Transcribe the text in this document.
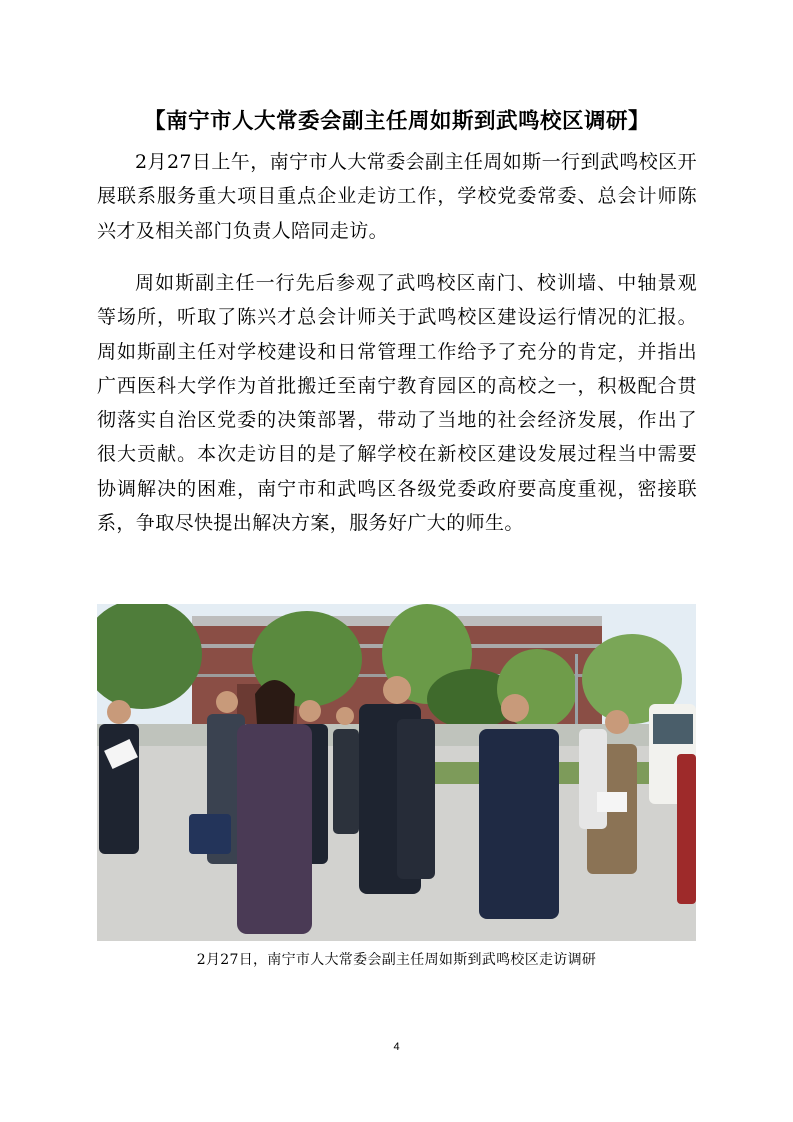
【南宁市人大常委会副主任周如斯到武鸣校区调研】
2月27日上午，南宁市人大常委会副主任周如斯一行到武鸣校区开展联系服务重大项目重点企业走访工作，学校党委常委、总会计师陈兴才及相关部门负责人陪同走访。
周如斯副主任一行先后参观了武鸣校区南门、校训墙、中轴景观等场所，听取了陈兴才总会计师关于武鸣校区建设运行情况的汇报。周如斯副主任对学校建设和日常管理工作给予了充分的肯定，并指出广西医科大学作为首批搬迁至南宁教育园区的高校之一，积极配合贯彻落实自治区党委的决策部署，带动了当地的社会经济发展，作出了很大贡献。本次走访目的是了解学校在新校区建设发展过程当中需要协调解决的困难，南宁市和武鸣区各级党委政府要高度重视，密接联系，争取尽快提出解决方案，服务好广大的师生。
2月27日，南宁市人大常委会副主任周如斯到武鸣校区走访调研
4
